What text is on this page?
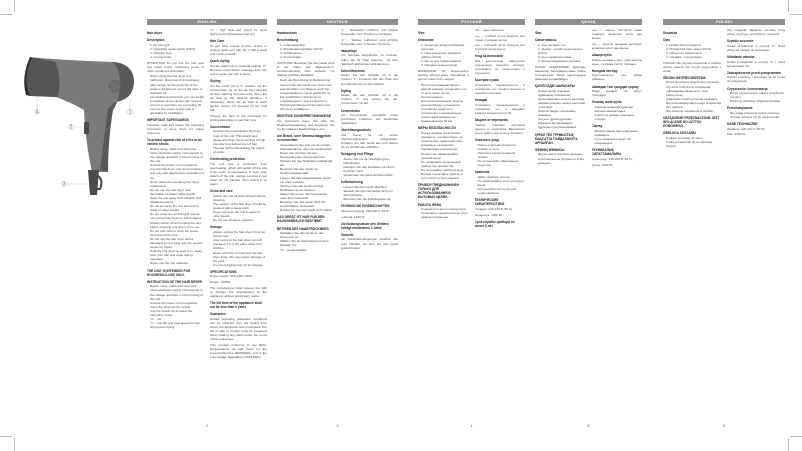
1
2
3
4
ENGLISH
Hair dryer
Description
• 1. Air inlet grill
• 2. Operating mode switch (0/1/2)
• 3. Hanging loop
• 4. Concentrator

ATTENTION! Do not use the unit near any water baths, swimming pools or other containers with water.

• When using the hair dryer in a bathroom, disconnect it immediately after usage, as the proximity of the water is dangerous even if the dryer is switched off.
• For additional protection you can install a residual current device with nominal current of operation not exceeding 30 mA into the power supply. Ask a specialist for installation.
IMPORTANT SAFEGUARDS

Carefully read and follow the operating instruction to keep them for future reference.

To protect against risk of a fire or an electric shock:
• Before using, make sure that your home electricity supply corresponds to the voltage specified on the housing of the unit.
• Unwind the power cord completely.
• Use the hair dryer only for its functions and only with attachments included in a set.
• Never leave the operating hair dryer unattended.
• Do not use the hair dryer near flammable or inflammable liquids.
• Keep the unit away from children and disabled persons.
• Do not immerse the unit and cord in water or other liquids.
• Do not cover the air inlet grill and do not put the hair dryer on soft surfaces.
• Always switch off and unplug the unit before cleaning and when not in use.
• Do not pull, twist or wrap the power cord around the unit.
• Do not use the hair dryer with a damaged cord or plug. Ask the service center for repair.
• Hold the hair dryer at least 3 cm away from your hair and scalp during operation.
• Never use the unit outdoors.
THE UNIT IS INTENDED FOR HOUSEHOLD USE ONLY.
INSTRUCTION OF THE HAIR DRYER
• Before using, make sure that your home electricity supply corresponds to the voltage specified on the housing of the unit.
• Unwind the power cord completely.
• Insert the plug into the socket.
• Use the switch (2) to select the operating mode:
• "0" – off
• "1" – low fan and heat speed for hair drying and styling

"2" – high heat and speed for quick drying and sophisticated hair-dry.

Hair Care

To get best results (before drying or styling) wash your hair, dry it with a towel and comb yourself.

Quick drying

Set the switch (2) to maximal heating "2". Remove concentrator, massage from hair root to ends until hair is dried.

Styling

Set the switch (2) to "1" position, set the concentrator (4) on the air inlet directed air flow. Starting from the roots, direct the air flow to the desired direction. If necessary, direct the air flow at each section during 2-5 seconds for the final hair.

Choose the best of the necessary for styling according to your hair type.

Concentrator
• Connect the concentrator (4) to the body of the unit. This attachment allows directing narrow air flow of high intensity to a defined part of hair.
• The hair will be dried along the rollers of curler.
Overheating protection

The unit has a protection from overheating, which will switch off the unit if the motor is overloaded. In such case switch off the unit, unplug it and let it cool down for 10 minutes, then switch it on again.

Clean and care
• Switch the unit off and unplug it before cleaning.
• The surface of the hair dryer should be cleaned with a damp cloth.
• Never immerse the unit in water or other liquids.
• Do not use abrasive cleaners.
Storage
• Always unplug the hair dryer if it is not being used.
• After using let the hair dryer cool off and keep it in a dry place away from children.
• Never wind the cord around the hair dryer body, this may cause damage of the cord.
• Use the hanging loop (3) for storage.
SPECIFICATIONS

Power supply: 220-240V, 50Hz

Power: 1200W

The manufacturer shall reserve the right to change the specification of the appliance without preliminary notice.

The life time of the appliance shall not be less than 3 years
Guarantee

Details regarding guarantee conditions can be obtained from the dealer from whom the appliance was purchased. The bill of sale or receipt must be produced when making any claim under the terms of this guarantee.

This product conforms to the EMC-Requirements as laid down by the Council Directive 89/336/EEC and to the Low Voltage Regulation (73/23 EEC).

2
DEUTSCH
Haartrockner
Beschreibung
• 1. Lufteinlassgitter
• 2. Betriebsartenschalter (0/1/2)
• 3. Aufhängeöse
• 4. Konzentrator

ACHTUNG! Benutzen Sie das Gerät nicht in der Nähe von Badewannen, Schwimmbecken oder anderen mit Wasser gefüllten Behältern.

• Nach der Benutzung im Badezimmer trennen Sie das Gerät vom Stromnetz, weil die Nähe vom Wasser auch bei ausgeschaltetem Gerät gefährlich ist.
• Für zusätzlichen Schutz ist es empfehlenswert, eine Fehlerstrom-Schutzeinrichtung mit Nennstrom bis 30 mA zu installieren.
WICHTIGE SICHERHEITSHINWEISE

Vor Gebrauch lesen Sie bitte die Bedienungsanleitung und bewahren Sie sie für späteres Nachschlagen auf.

Um Brand- oder Stromschlaggefahr zu vermeiden:
• Vergewissern Sie sich vor der ersten Inbetriebnahme, dass die technischen Daten des Gerätes mit den Netzparametern übereinstimmen.
• Wickeln Sie das Netzkabel vollständig ab.
• Benutzen Sie das Gerät nur bestimmungsgemäß.
• Lassen Sie das eingeschaltete Gerät nie ohne Aufsicht.
• Tauchen Sie das Gerät und das Netzkabel nie ins Wasser.
• Ziehen Sie immer den Netzstecker nach dem Gebrauch.
• Benutzen Sie das Gerät nicht mit beschädigtem Netzkabel.
• Reparieren Sie das Gerät nicht selbst.
DAS GERÄT IST NUR FÜR DEN HAUSGEBRAUCH BESTIMMT.
BETRIEB DES HAARTROCKNERS
• Schließen Sie das Gerät an das Stromnetz an.
• Wählen Sie die Betriebsart mit dem Schalter (2):
• "0" – Ausgeschaltet

"1" – Schwacher Luftstrom und mittlere Temperatur zum Trocknen und Stylen.

"2" – Starker Luftstrom und erhöhte Temperatur zum schnellen Trocknen.

Haarpflege

Um optimale Ergebnisse zu erzielen, sollen Sie Ihr Haar waschen, mit dem Handtuch abtrocknen und kämmen.

Schnelltrocknen

Stellen Sie den Schalter (2) in die Position "2". Trocknen Sie das Haar von den Wurzeln bis zu den Spitzen.

Styling

Stellen Sie den Schalter (2) in die Position "1" und setzen Sie den Konzentrator (4) auf.

Konzentrator

Der Konzentrator ermöglicht einen gerichteten Luftstrom auf bestimmte Haarpartien.

Überhitzungsschutz

Das Gerät ist mit einem Überhitzungsschutz ausgestattet. Schalten Sie das Gerät aus und lassen Sie es 10 Minuten abkühlen.

Reinigung und Pflege
• Ziehen Sie vor der Reinigung den Netzstecker.
• Reinigen Sie das Gehäuse mit einem feuchten Tuch.
• Verwenden Sie keine Scheuermittel.
Aufbewahrung
• Lassen Sie das Gerät abkühlen.
• Wickeln Sie das Netzkabel nicht um das Gehäuse.
• Benutzen Sie die Aufhängeöse (3).
TECHNISCHE EIGENSCHAFTEN

Stromversorgung: 220-240 V, 50 Hz

Leistung: 1200 W

Die Nutzungsdauer des Gerätes beträgt mindestens 3 Jahre
Garantie

Die Garantiebedingungen erfahren Sie beim Händler, bei dem Sie das Gerät gekauft haben.

3
РУССКИЙ
Фен
Описание
• 1. Защитная воздухозаборная решетка
• 2. Переключатель режимов работы (0/1/2)
• 3. Петля для подвешивания
• 4. Насадка-концентратор

ВНИМАНИЕ! Не используйте прибор вблизи ванн, бассейнов и других емкостей с водой.

• При использовании фена в ванной комнате отключайте его от сети сразу после использования.
• Для дополнительной защиты целесообразно установить устройство защитного отключения с номинальным током срабатывания, не превышающим 30 мА.
МЕРЫ БЕЗОПАСНОСТИ
• Перед первым включением проверьте, соответствуют ли технические характеристики, указанные на изделии, параметрам электросети.
• Полностью разматывайте сетевой шнур.
• Не оставляйте включенный прибор без присмотра.
• Не погружайте прибор в воду.
• Всегда отключайте прибор от сети после использования.
ПРИБОР ПРЕДНАЗНАЧЕН ТОЛЬКО ДЛЯ ИСПОЛЬЗОВАНИЯ В БЫТОВЫХ ЦЕЛЯХ.
РАБОТА ФЕНА
• Подключите фен к электросети.
• Установите переключатель (2) в нужное положение:

«0» – фен отключен

«1» – слабый поток воздуха для сушки и укладки волос

«2» – сильный поток воздуха для быстрой сушки волос

Уход за волосами

Для достижения наилучших результатов вымойте волосы, промокните их полотенцем и расчешите.

Быстрая сушка

Установите переключатель в положение «2». Сушите волосы от корней к кончикам.

Укладка

Установите переключатель в положение «1» и наденьте насадку-концентратор (4).

Защита от перегрева

Прибор оснащен системой защиты от перегрева. Выключите фен и дайте ему остыть 10 минут.

Очистка и уход
• Перед очисткой отключите прибор от сети.
• Протрите корпус влажной тканью.
• Не используйте абразивные средства.
Хранение
• Дайте прибору остыть.
• Не наматывайте шнур на корпус фена.
• Используйте петлю (3) для подвешивания.
ТЕХНИЧЕСКИЕ ХАРАКТЕРИСТИКИ

Питание: 220-240 В, 50 Гц

Мощность: 1200 Вт

Срок службы прибора не менее 3 лет
4
ҚАЗАҚ
Фен
Сипаттамасы
• 1. Ауа тартқыш тор
• 2. Жұмыс тәртібін ауыстырғыш (0/1/2)
• 3. Ілуге арналған ілмек
• 4. Шоғырландырғыш саптама

НАЗАР АУДАРЫҢЫЗ! Құралды ванналар, бассейндер және сумен толтырылған басқа ыдыстардың жанында қолданбаңыз.

ҚАУІПСІЗДІК ШАРАЛАРЫ
• Алғаш қосар алдында бұйымның техникалық сипаттамалары электр желісінің параметрлеріне сәйкес келетінін тексеріңіз.
• Желілік бауды толығымен жазыңыз.
• Қосулы тұрған құралды қараусыз қалдырмаңыз.
• Құралды суға батырмаңыз.
ҚҰРАЛ ТЕК ТҰРМЫСТЫҚ МАҚСАТТА ПАЙДАЛАНУҒА АРНАЛҒАН.
ФЕННІҢ ЖҰМЫСЫ
• Фенді электр желісіне қосыңыз.
• Ауыстырғышты (2) қажетті күйге қойыңыз:

«1» – шашты кептіруге және сәндеуге арналған әлсіз ауа ағыны

«2» – шашты жылдам кептіруге арналған күшті ауа ағыны

Шашқа күтім

Жақсы нәтижеге жету үшін шашты жуып, сүлгімен сүртіп, тараңыз.

Жылдам кептіру

Ауыстырғышты «2» күйіне қойыңыз.

Шамадан тыс қызудан қорғау

Фенді сөндіріп, 10 минут суытыңыз.

Тазалау және күтім
• Тазалар алдында құралды желіден ажыратыңыз.
• Корпусты дымқыл матамен сүртіңіз.
Сақтау
• Желілік бауды фен корпусына орамаңыз.
• Ілуге арналған ілмекті (3) қолданыңыз.
ТЕХНИКАЛЫҚ СИПАТТАМАЛАРЫ

Қоректенуі: 220-240 В, 50 Гц

Қуаты: 1200 Вт

5
POLSKI
Suszarka
Opis
• 1. Kratka wlotu powietrza
• 2. Przełącznik trybu pracy (0/1/2)
• 3. Uchwyt do zawieszenia
• 4. Nasadka - koncentrator

UWAGA! Nie używaj urządzenia w pobliżu wanny, basenu lub innych pojemników z wodą.

ŚRODKI BEZPIECZEŃSTWA
• Przed pierwszym włączeniem sprawdź, czy dane techniczne urządzenia odpowiadają parametrom sieci elektrycznej.
• Całkowicie rozwiń przewód zasilający.
• Nie pozostawiaj włączonego urządzenia bez nadzoru.
• Nie zanurzaj urządzenia w wodzie.
URZĄDZENIE PRZEZNACZONE JEST WYŁĄCZNIE DO UŻYTKU DOMOWEGO.
OBSŁUGA SUSZARKI
• Podłącz suszarkę do sieci.
• Ustaw przełącznik (2) w wybranej pozycji:

Aby osiągnąć najlepsze rezultaty, umyj włosy, wytrzyj je ręcznikiem i rozczesz.

Szybkie suszenie

Ustaw przełącznik w pozycji "2". Susz włosy od nasady do końcówek.

Układanie włosów

Ustaw przełącznik w pozycji "1" i załóż koncentrator (4).

Zabezpieczenie przed przegrzaniem

Wyłącz suszarkę i pozostaw na 10 minut do ostygnięcia.

Czyszczenie i konserwacja
• Przed czyszczeniem odłącz urządzenie od sieci.
• Przetrzyj obudowę wilgotną szmatką.
Przechowywanie
• Nie owijaj przewodu wokół obudowy.
• Używaj uchwytu (3) do zawieszenia.
DANE TECHNICZNE

Zasilanie: 220-240 V, 50 Hz

Moc: 1200 W

6
